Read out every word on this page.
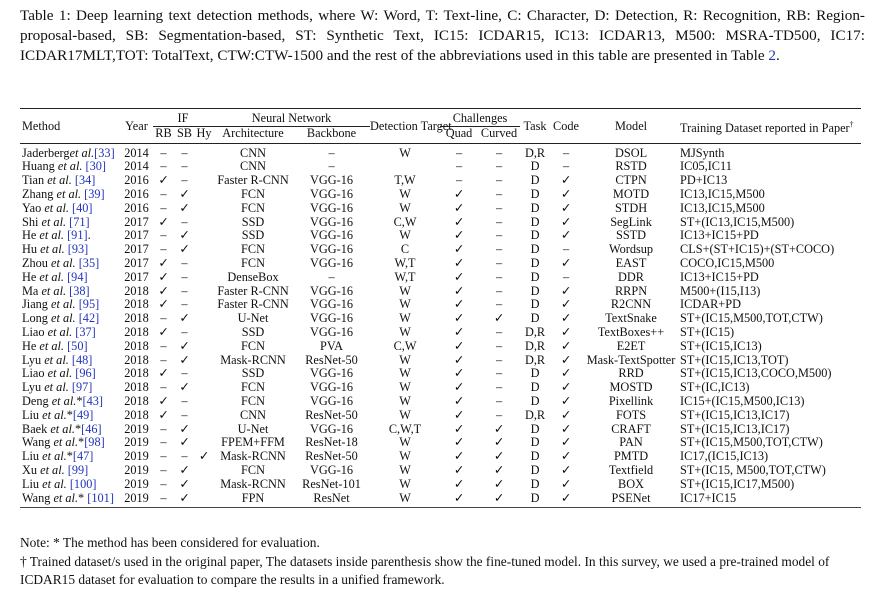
Table 1: Deep learning text detection methods, where W: Word, T: Text-line, C: Character, D: Detection, R: Recognition, RB: Region-proposal-based, SB: Segmentation-based, ST: Synthetic Text, IC15: ICDAR15, IC13: ICDAR13, M500: MSRA-TD500, IC17: ICDAR17MLT,TOT: TotalText, CTW:CTW-1500 and the rest of the abbreviations used in this table are presented in Table 2.
Method	Year	IF			Neural Network		Detection Target	Challenges		Task	Code	Model	Training Dataset reported in Paper†
		RB	SB	Hy	Architecture	Backbone		Quad	Curved				
Jaderberget al.[33]	2014	–	–		CNN	–	W	–	–	D,R	–	DSOL	MJSynth
Huang et al. [30]	2014	–	–		CNN	–		–	–	D	–	RSTD	IC05,IC11
Tian et al. [34]	2016	✓	–		Faster R-CNN	VGG-16	T,W	–	–	D	✓	CTPN	PD+IC13
Zhang et al. [39]	2016	–	✓		FCN	VGG-16	W	✓	–	D	✓	MOTD	IC13,IC15,M500
Yao et al. [40]	2016	–	✓		FCN	VGG-16	W	✓	–	D	✓	STDH	IC13,IC15,M500
Shi et al. [71]	2017	✓	–		SSD	VGG-16	C,W	✓	–	D	✓	SegLink	ST+(IC13,IC15,M500)
He et al. [91].	2017	–	✓		SSD	VGG-16	W	✓	–	D	✓	SSTD	IC13+IC15+PD
Hu et al. [93]	2017	–	✓		FCN	VGG-16	C	✓	–	D	–	Wordsup	CLS+(ST+IC15)+(ST+COCO)
Zhou et al. [35]	2017	✓	–		FCN	VGG-16	W,T	✓	–	D	✓	EAST	COCO,IC15,M500
He et al. [94]	2017	✓	–		DenseBox	–	W,T	✓	–	D	–	DDR	IC13+IC15+PD
Ma et al. [38]	2018	✓	–		Faster R-CNN	VGG-16	W	✓	–	D	✓	RRPN	M500+(I15,I13)
Jiang et al. [95]	2018	✓	–		Faster R-CNN	VGG-16	W	✓	–	D	✓	R2CNN	ICDAR+PD
Long et al. [42]	2018	–	✓		U-Net	VGG-16	W	✓	✓	D	✓	TextSnake	ST+(IC15,M500,TOT,CTW)
Liao et al. [37]	2018	✓	–		SSD	VGG-16	W	✓	–	D,R	✓	TextBoxes++	ST+(IC15)
He et al. [50]	2018	–	✓		FCN	PVA	C,W	✓	–	D,R	✓	E2ET	ST+(IC15,IC13)
Lyu et al. [48]	2018	–	✓		Mask-RCNN	ResNet-50	W	✓	–	D,R	✓	Mask-TextSpotter	ST+(IC15,IC13,TOT)
Liao et al. [96]	2018	✓	–		SSD	VGG-16	W	✓	–	D	✓	RRD	ST+(IC15,IC13,COCO,M500)
Lyu et al. [97]	2018	–	✓		FCN	VGG-16	W	✓	–	D	✓	MOSTD	ST+(IC,IC13)
Deng et al.*[43]	2018	✓	–		FCN	VGG-16	W	✓	–	D	✓	Pixellink	IC15+(IC15,M500,IC13)
Liu et al.*[49]	2018	✓	–		CNN	ResNet-50	W	✓	–	D,R	✓	FOTS	ST+(IC15,IC13,IC17)
Baek et al.*[46]	2019	–	✓		U-Net	VGG-16	C,W,T	✓	✓	D	✓	CRAFT	ST+(IC15,IC13,IC17)
Wang et al.*[98]	2019	–	✓		FPEM+FFM	ResNet-18	W	✓	✓	D	✓	PAN	ST+(IC15,M500,TOT,CTW)
Liu et al.*[47]	2019	–	–	✓	Mask-RCNN	ResNet-50	W	✓	✓	D	✓	PMTD	IC17,(IC15,IC13)
Xu et al. [99]	2019	–	✓		FCN	VGG-16	W	✓	✓	D	✓	Textfield	ST+(IC15, M500,TOT,CTW)
Liu et al. [100]	2019	–	✓		Mask-RCNN	ResNet-101	W	✓	✓	D	✓	BOX	ST+(IC15,IC17,M500)
Wang et al.* [101]	2019	–	✓		FPN	ResNet	W	✓	✓	D	✓	PSENet	IC17+IC15
Note: * The method has been considered for evaluation.
† Trained dataset/s used in the original paper, The datasets inside parenthesis show the fine-tuned model. In this survey, we used a pre-trained model of ICDAR15 dataset for evaluation to compare the results in a unified framework.
